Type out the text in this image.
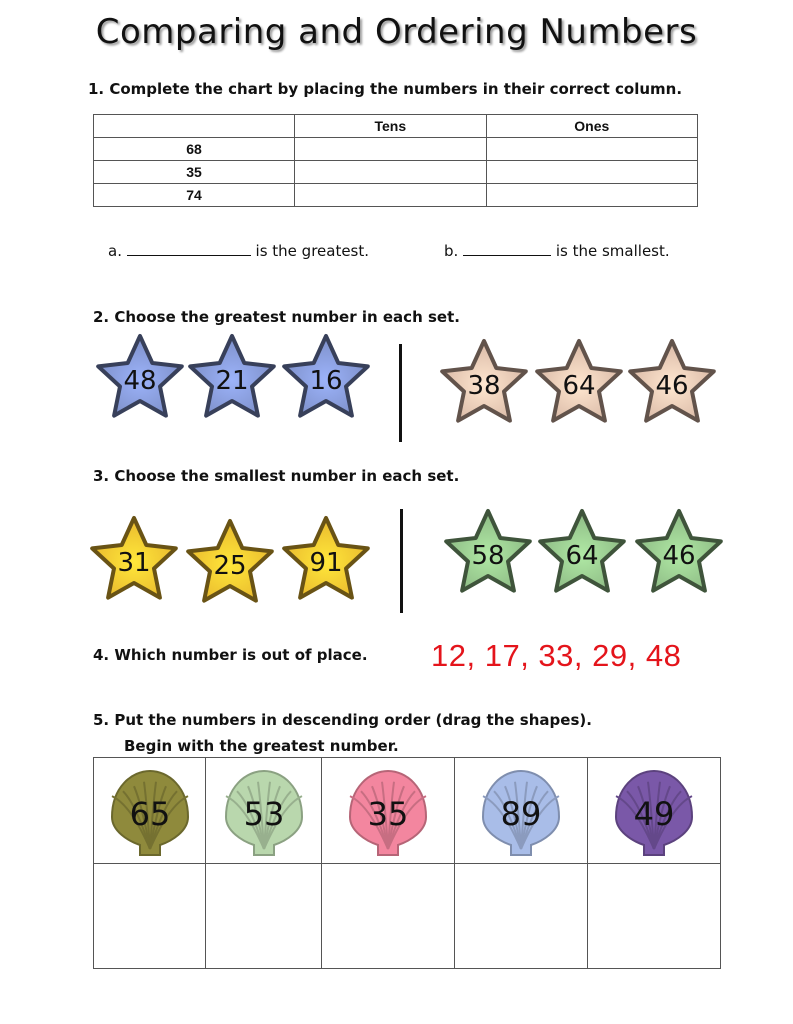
Comparing and Ordering Numbers
1. Complete the chart by placing the numbers in their correct column.
	Tens	Ones
68		
35		
74		
a.	is the greatest.	b.	is the smallest.
2. Choose the greatest number in each set.
48 21 16	38 64 46
3. Choose the smallest number in each set.
31 25 91	58 64 46
4. Which number is out of place. 12, 17, 33, 29, 48
5. Put the numbers in descending order (drag the shapes).
Begin with the greatest number.
65	53	35	89	49
